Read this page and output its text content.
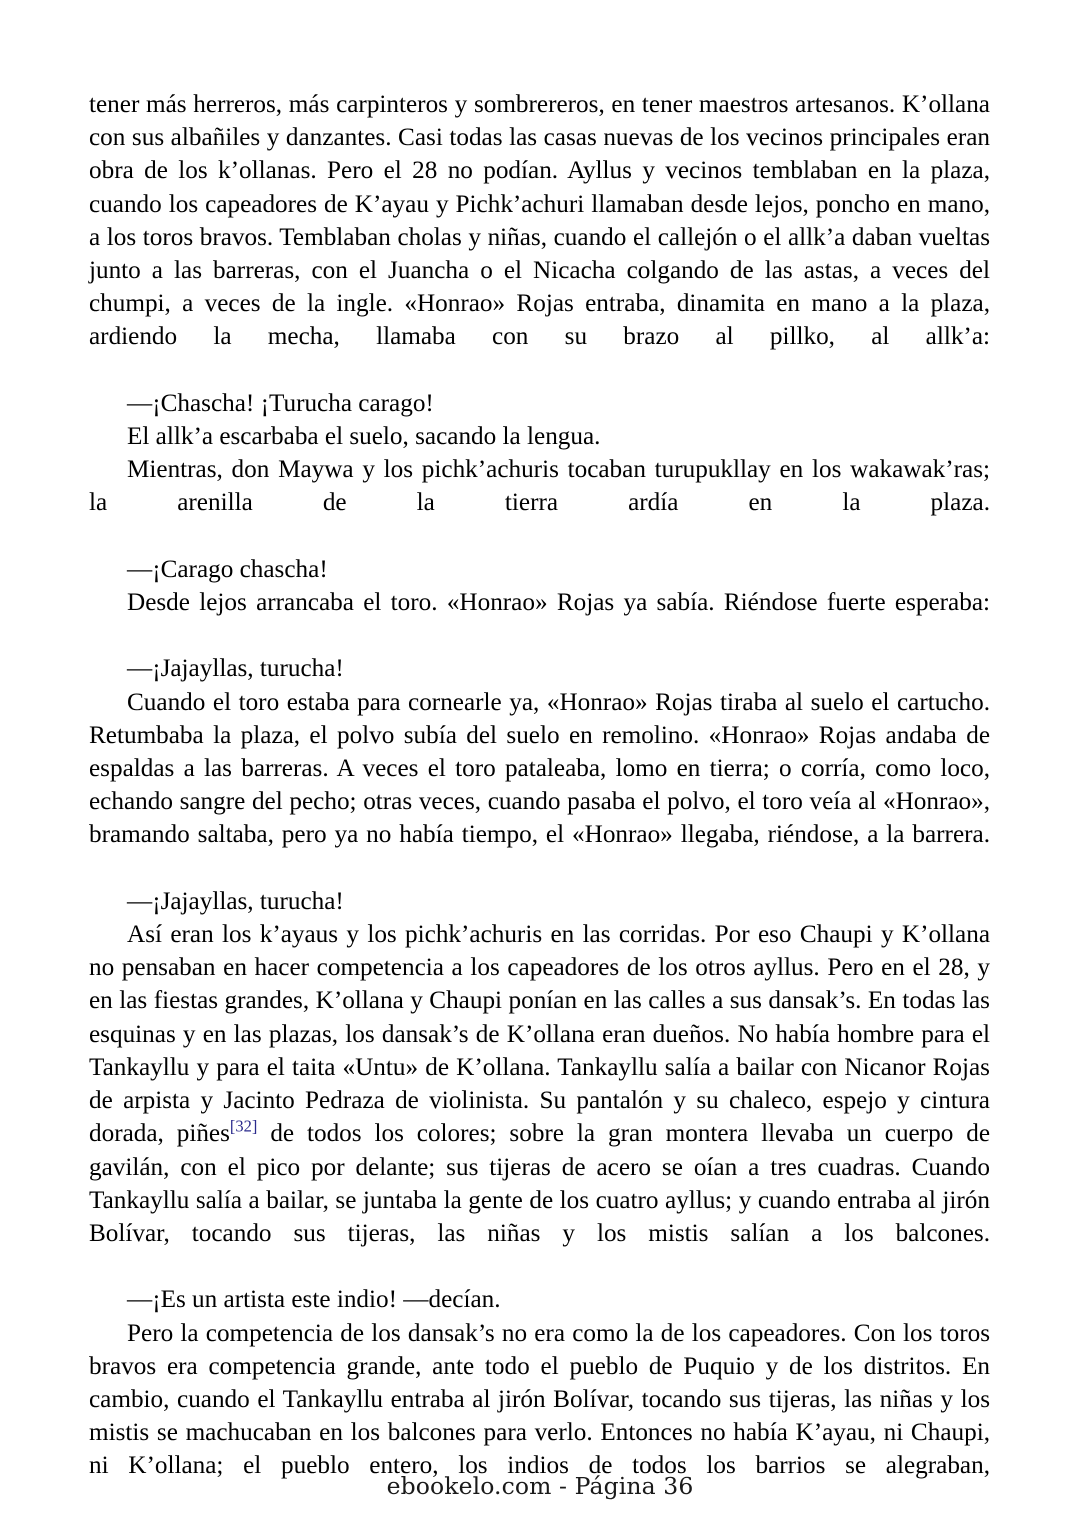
tener más herreros, más carpinteros y sombrereros, en tener maestros artesanos. K’ollana con sus albañiles y danzantes. Casi todas las casas nuevas de los vecinos principales eran obra de los k’ollanas. Pero el 28 no podían. Ayllus y vecinos temblaban en la plaza, cuando los capeadores de K’ayau y Pichk’achuri llamaban desde lejos, poncho en mano, a los toros bravos. Temblaban cholas y niñas, cuando el callejón o el allk’a daban vueltas junto a las barreras, con el Juancha o el Nicacha colgando de las astas, a veces del chumpi, a veces de la ingle. «Honrao» Rojas entraba, dinamita en mano a la plaza, ardiendo la mecha, llamaba con su brazo al pillko, al allk’a:

—¡Chascha! ¡Turucha carago!

El allk’a escarbaba el suelo, sacando la lengua.

Mientras, don Maywa y los pichk’achuris tocaban turupukllay en los wakawak’ras; la arenilla de la tierra ardía en la plaza.

—¡Carago chascha!

Desde lejos arrancaba el toro. «Honrao» Rojas ya sabía. Riéndose fuerte esperaba:

—¡Jajayllas, turucha!

Cuando el toro estaba para cornearle ya, «Honrao» Rojas tiraba al suelo el cartucho. Retumbaba la plaza, el polvo subía del suelo en remolino. «Honrao» Rojas andaba de espaldas a las barreras. A veces el toro pataleaba, lomo en tierra; o corría, como loco, echando sangre del pecho; otras veces, cuando pasaba el polvo, el toro veía al «Honrao», bramando saltaba, pero ya no había tiempo, el «Honrao» llegaba, riéndose, a la barrera.

—¡Jajayllas, turucha!

Así eran los k’ayaus y los pichk’achuris en las corridas. Por eso Chaupi y K’ollana no pensaban en hacer competencia a los capeadores de los otros ayllus. Pero en el 28, y en las fiestas grandes, K’ollana y Chaupi ponían en las calles a sus dansak’s. En todas las esquinas y en las plazas, los dansak’s de K’ollana eran dueños. No había hombre para el Tankayllu y para el taita «Untu» de K’ollana. Tankayllu salía a bailar con Nicanor Rojas de arpista y Jacinto Pedraza de violinista. Su pantalón y su chaleco, espejo y cintura dorada, piñes[32] de todos los colores; sobre la gran montera llevaba un cuerpo de gavilán, con el pico por delante; sus tijeras de acero se oían a tres cuadras. Cuando Tankayllu salía a bailar, se juntaba la gente de los cuatro ayllus; y cuando entraba al jirón Bolívar, tocando sus tijeras, las niñas y los mistis salían a los balcones.

—¡Es un artista este indio! —decían.

Pero la competencia de los dansak’s no era como la de los capeadores. Con los toros bravos era competencia grande, ante todo el pueblo de Puquio y de los distritos. En cambio, cuando el Tankayllu entraba al jirón Bolívar, tocando sus tijeras, las niñas y los mistis se machucaban en los balcones para verlo. Entonces no había K’ayau, ni Chaupi, ni K’ollana; el pueblo entero, los indios de todos los barrios se alegraban,

ebookelo.com - Página 36
